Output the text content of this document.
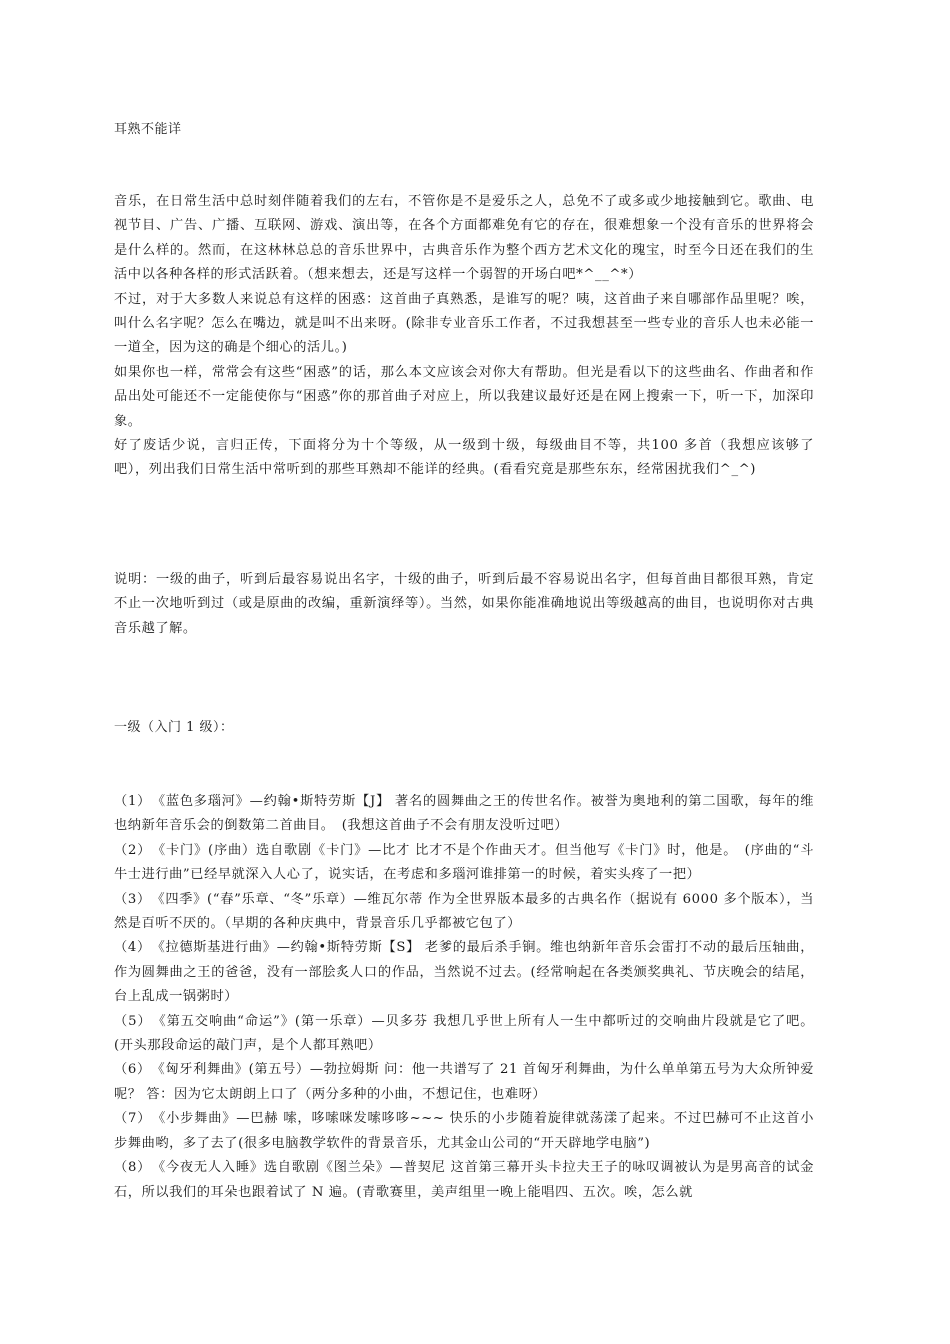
耳熟不能详

音乐，在日常生活中总时刻伴随着我们的左右，不管你是不是爱乐之人，总免不了或多或少地接触到它。歌曲、电视节目、广告、广播、互联网、游戏、演出等，在各个方面都难免有它的存在，很难想象一个没有音乐的世界将会是什么样的。然而，在这林林总总的音乐世界中，古典音乐作为整个西方艺术文化的瑰宝，时至今日还在我们的生活中以各种各样的形式活跃着。（想来想去，还是写这样一个弱智的开场白吧*^__^*）

不过，对于大多数人来说总有这样的困惑：这首曲子真熟悉，是谁写的呢？咦，这首曲子来自哪部作品里呢？唉，叫什么名字呢？怎么在嘴边，就是叫不出来呀。(除非专业音乐工作者，不过我想甚至一些专业的音乐人也未必能一一道全，因为这的确是个细心的活儿。)

如果你也一样，常常会有这些“困惑”的话，那么本文应该会对你大有帮助。但光是看以下的这些曲名、作曲者和作品出处可能还不一定能使你与“困惑”你的那首曲子对应上，所以我建议最好还是在网上搜索一下，听一下，加深印象。

好了废话少说，言归正传，下面将分为十个等级，从一级到十级，每级曲目不等，共100 多首（我想应该够了吧），列出我们日常生活中常听到的那些耳熟却不能详的经典。(看看究竟是那些东东，经常困扰我们^_^)

说明：一级的曲子，听到后最容易说出名字，十级的曲子，听到后最不容易说出名字，但每首曲目都很耳熟，肯定不止一次地听到过（或是原曲的改编，重新演绎等）。当然，如果你能准确地说出等级越高的曲目，也说明你对古典音乐越了解。

一级（入门 1 级）：

（1）　《蓝色多瑙河》—约翰•斯特劳斯【J】 著名的圆舞曲之王的传世名作。被誉为奥地利的第二国歌，每年的维也纳新年音乐会的倒数第二首曲目。　(我想这首曲子不会有朋友没听过吧）

（2）　《卡门》(序曲）选自歌剧《卡门》—比才 比才不是个作曲天才。但当他写《卡门》时，他是。　(序曲的“斗牛士进行曲”已经早就深入人心了，说实话，在考虑和多瑙河谁排第一的时候，着实头疼了一把）

（3）　《四季》(“春”乐章、“冬”乐章）—维瓦尔蒂 作为全世界版本最多的古典名作（据说有 6000 多个版本），当然是百听不厌的。（早期的各种庆典中，背景音乐几乎都被它包了）

（4）　《拉德斯基进行曲》—约翰•斯特劳斯【S】 老爹的最后杀手锏。维也纳新年音乐会雷打不动的最后压轴曲，作为圆舞曲之王的爸爸，没有一部脍炙人口的作品，当然说不过去。(经常响起在各类颁奖典礼、节庆晚会的结尾，台上乱成一锅粥时）

（5）　《第五交响曲“命运”》(第一乐章）—贝多芬 我想几乎世上所有人一生中都听过的交响曲片段就是它了吧。(开头那段命运的敲门声，是个人都耳熟吧）

（6）　《匈牙利舞曲》(第五号）—勃拉姆斯 问：他一共谱写了 21 首匈牙利舞曲，为什么单单第五号为大众所钟爱呢？ 答：因为它太朗朗上口了（两分多种的小曲，不想记住，也难呀）

（7）　《小步舞曲》—巴赫 嗦，哆嗦咪发嗦哆哆~~~ 快乐的小步随着旋律就荡漾了起来。不过巴赫可不止这首小步舞曲哟，多了去了(很多电脑教学软件的背景音乐，尤其金山公司的“开天辟地学电脑”)

（8）　《今夜无人入睡》选自歌剧《图兰朵》—普契尼 这首第三幕开头卡拉夫王子的咏叹调被认为是男高音的试金石，所以我们的耳朵也跟着试了 N 遍。(青歌赛里，美声组里一晚上能唱四、五次。唉，怎么就
